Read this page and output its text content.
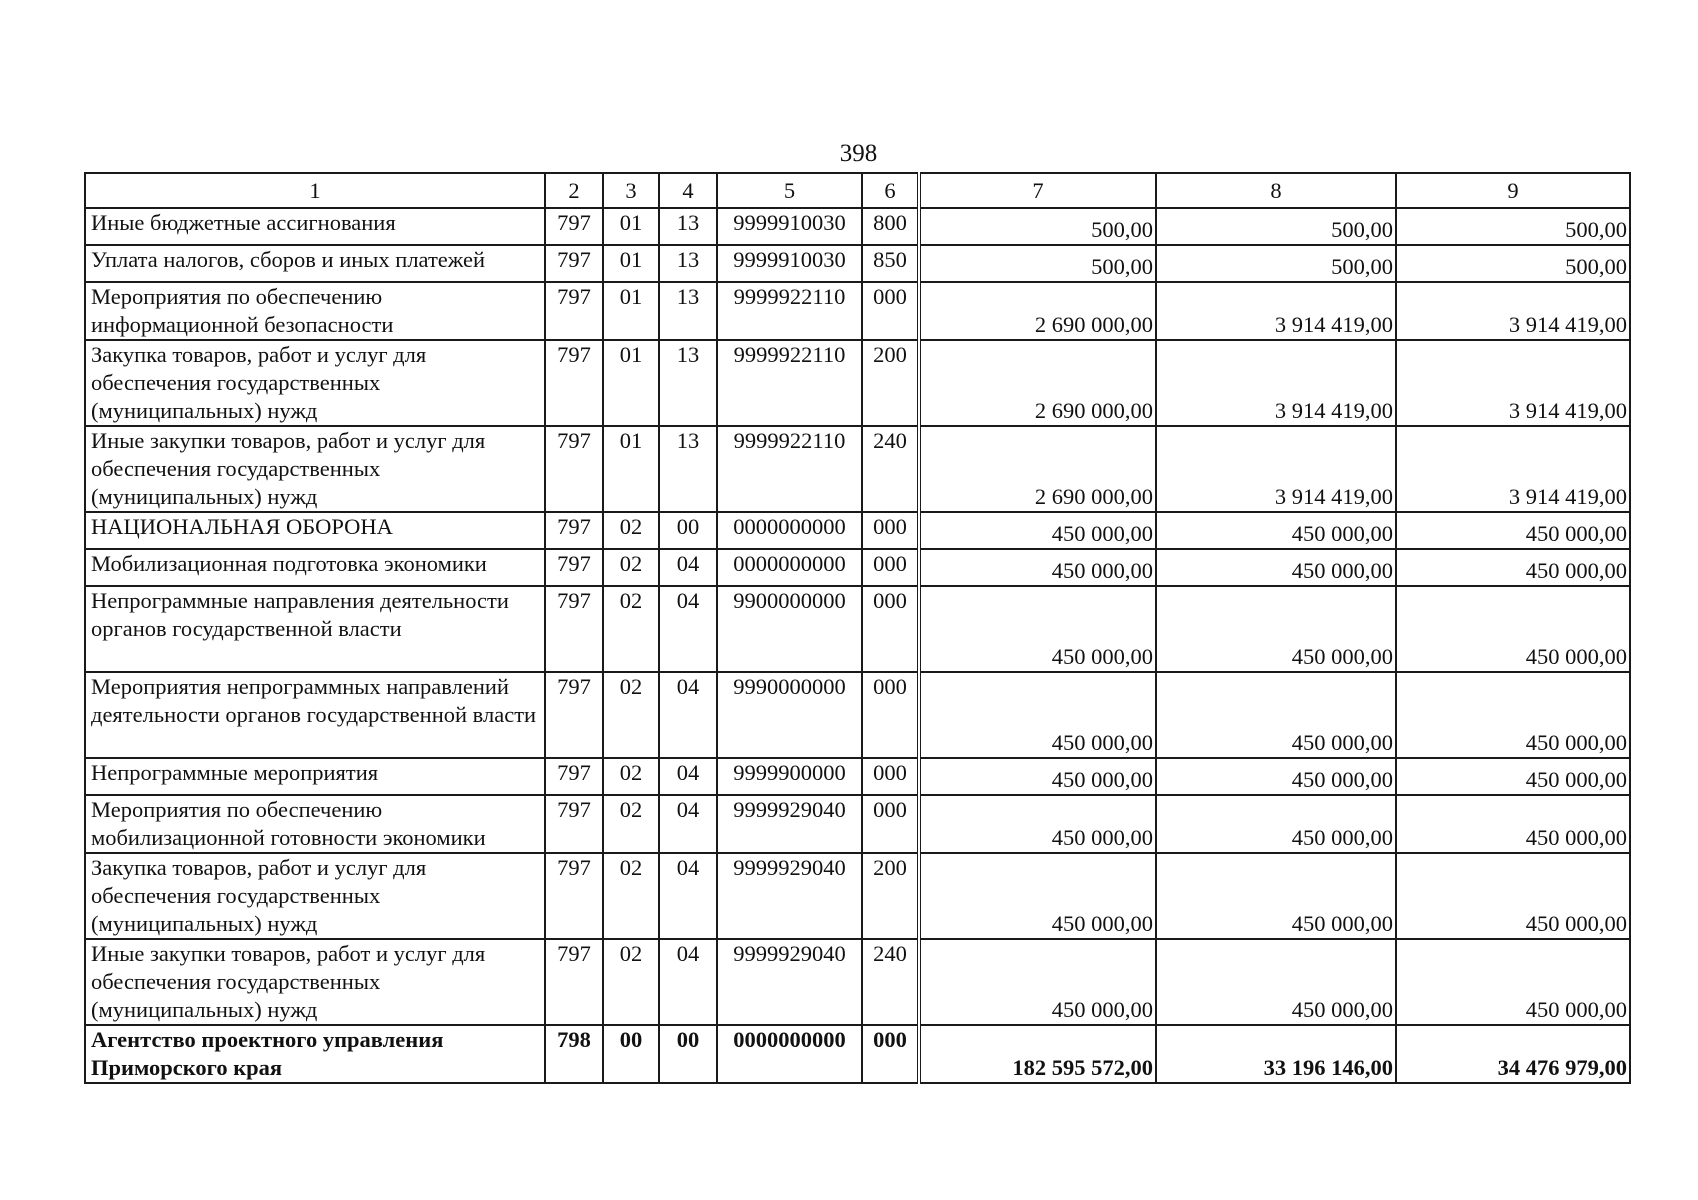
398
1	2	3	4	5	6	7	8	9
Иные бюджетные ассигнования	797	01	13	9999910030	800	500,00	500,00	500,00
Уплата налогов, сборов и иных платежей	797	01	13	9999910030	850	500,00	500,00	500,00
Мероприятия по обеспечению информационной безопасности	797	01	13	9999922110	000	2 690 000,00	3 914 419,00	3 914 419,00
Закупка товаров, работ и услуг для обеспечения государственных (муниципальных) нужд	797	01	13	9999922110	200	2 690 000,00	3 914 419,00	3 914 419,00
Иные закупки товаров, работ и услуг для обеспечения государственных (муниципальных) нужд	797	01	13	9999922110	240	2 690 000,00	3 914 419,00	3 914 419,00
НАЦИОНАЛЬНАЯ ОБОРОНА	797	02	00	0000000000	000	450 000,00	450 000,00	450 000,00
Мобилизационная подготовка экономики	797	02	04	0000000000	000	450 000,00	450 000,00	450 000,00
Непрограммные направления деятельности органов государственной власти	797	02	04	9900000000	000	450 000,00	450 000,00	450 000,00
Мероприятия непрограммных направлений деятельности органов государственной власти	797	02	04	9990000000	000	450 000,00	450 000,00	450 000,00
Непрограммные мероприятия	797	02	04	9999900000	000	450 000,00	450 000,00	450 000,00
Мероприятия по обеспечению мобилизационной готовности экономики	797	02	04	9999929040	000	450 000,00	450 000,00	450 000,00
Закупка товаров, работ и услуг для обеспечения государственных (муниципальных) нужд	797	02	04	9999929040	200	450 000,00	450 000,00	450 000,00
Иные закупки товаров, работ и услуг для обеспечения государственных (муниципальных) нужд	797	02	04	9999929040	240	450 000,00	450 000,00	450 000,00
Агентство проектного управления Приморского края	798	00	00	0000000000	000	182 595 572,00	33 196 146,00	34 476 979,00
